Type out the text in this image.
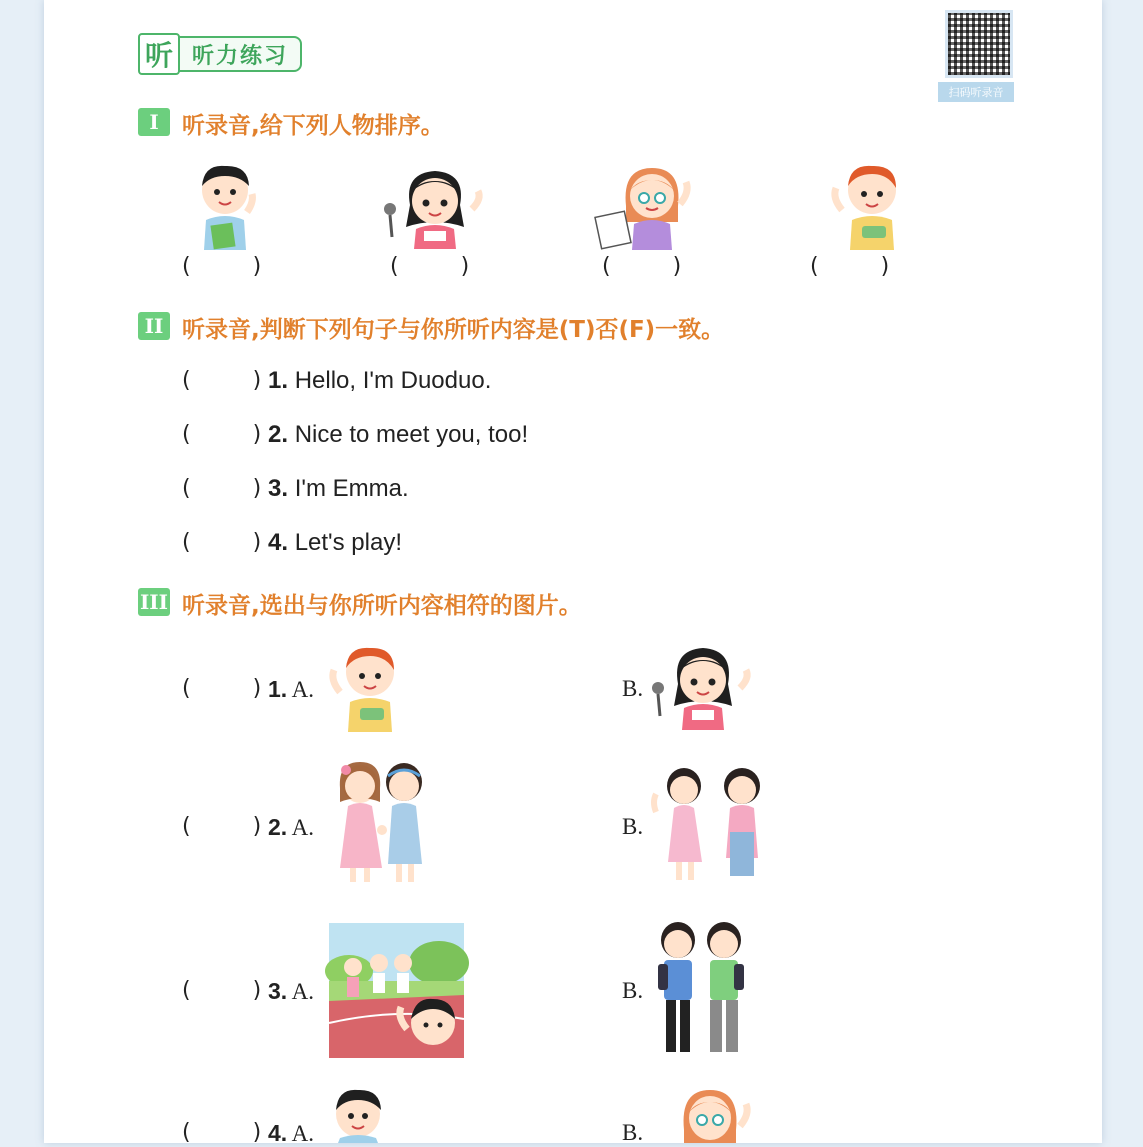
听 听力练习
扫码听录音
I	听录音,给下列人物排序。
(	)	(	)	(	)	(	)
II 听录音,判断下列句子与你所听内容是(T)否(F)一致。
(	) 1. Hello, I'm Duoduo.
(	) 2. Nice to meet you, too!
(	) 3. I'm Emma.
(	) 4. Let's play!
III 听录音,选出与你所听内容相符的图片。
(	) 1. A.	B.
(	) 2. A.	B.
(	) 3. A.	B.
(	) 4. A.	B.
